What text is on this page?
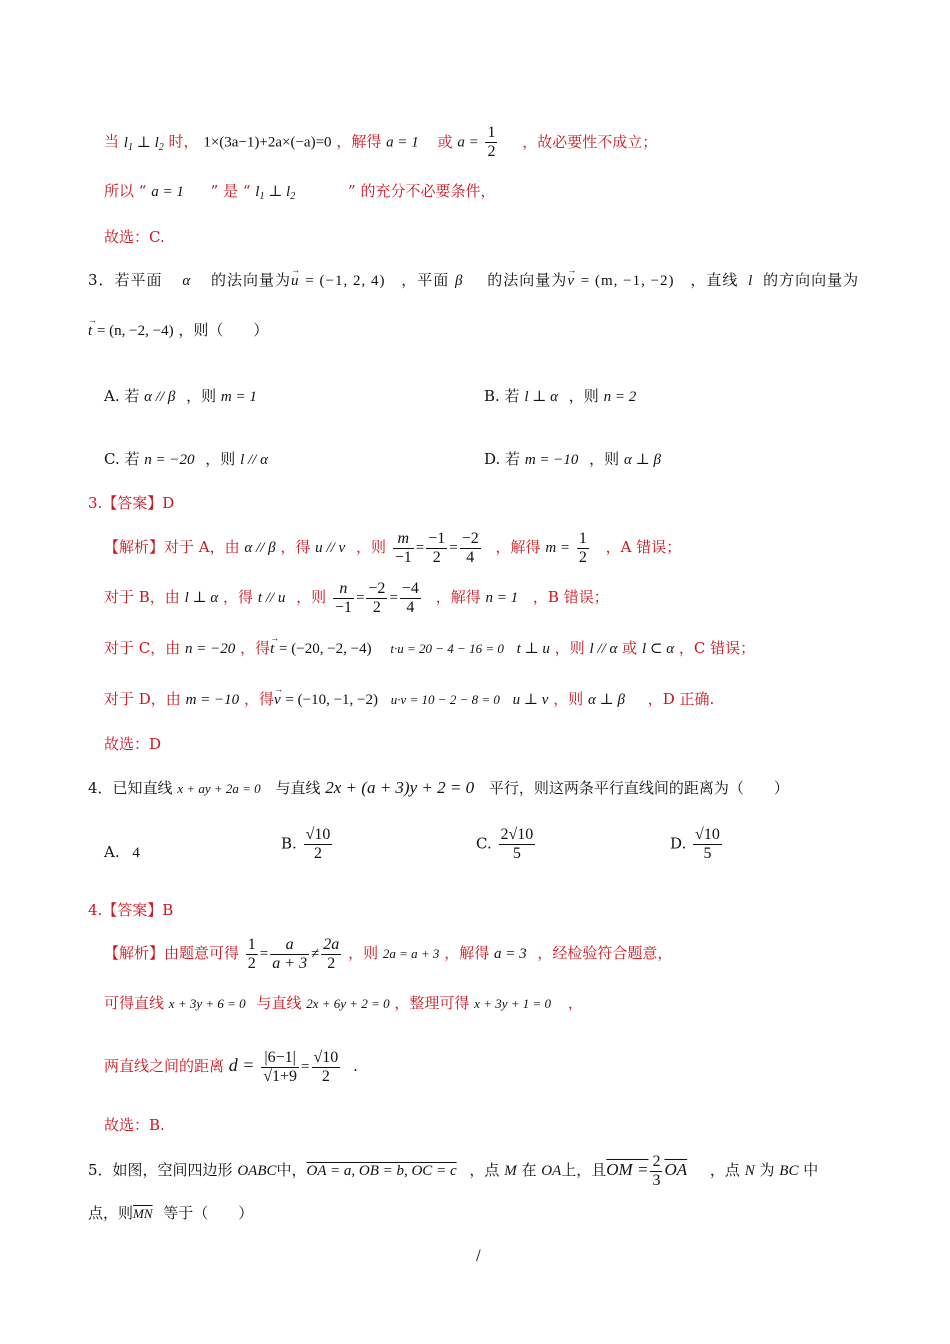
当 $l_1$ ⊥ $l_2$ 时， 1×(3a−1)+2a×(−a)=0 ，解得 a = 1 或 $a = \frac{1}{2}$ ，故必要性不成立；
所以 “ a = 1 ” 是 “ $l_1$ ⊥ $l_2$	” 的充分不必要条件，
故选：C.
3．若平面 α 的法向量为→ u = (−1, 2, 4) ，平面 β 的法向量为→ v = (m, −1, −2) ，直线 l 的方向向量为
→ t = (n, −2, −4) ，则（　　）
A. 若 α // β ，则 m = 1	B. 若 l ⊥ α ，则 n = 2
C. 若 n = −20 ，则 l // α	D. 若 m = −10 ，则 α ⊥ β
3.【答案】D
【解析】对于 A，由 α // β ，得 u // v ，则 $\frac{m}{-1} = \frac{-1}{2} = \frac{-2}{4}$ ，解得 $m = \frac{1}{2}$ ，A 错误；
对于 B，由 l ⊥ α ，得 t // u ，则 $\frac{n}{-1} = \frac{-2}{2} = \frac{-4}{4}$ ，解得 n = 1 ，B 错误；
对于 C，由 n = −20 ，得→ t = (−20, −2, −4) t·u = 20 − 4 − 16 = 0 t ⊥ u ，则 l // α 或 l ⊂ α ，C 错误；
对于 D，由 m = −10 ，得→ v = (−10, −1, −2) u·v = 10 − 2 − 8 = 0 u ⊥ v ，则 α ⊥ β ，D 正确.
故选：D
4．已知直线 x + ay + 2a = 0 与直线 2x + (a + 3)y + 2 = 0 平行，则这两条平行直线间的距离为（　　）
A. 4
B. $\frac{√10}{2}$	C. $\frac{2√10}{5}$	D. $\frac{√10}{5}$
4.【答案】B
【解析】由题意可得 $\frac{1}{2} = \frac{a}{a + 3} \ne \frac{2a}{2}$ ，则 2a = a + 3 ，解得 a = 3 ，经检验符合题意，
可得直线 x + 3y + 6 = 0 与直线 2x + 6y + 2 = 0 ，整理可得 x + 3y + 1 = 0 ，
两直线之间的距离 $d = \frac{|6-1|}{√1+9} = \frac{√10}{2}$ .
故选：B.
5．如图，空间四边形 OABC中，OA = a, OB = b, OC = c ，点 M 在 OA上，且OM = $\frac{2}{3} \overline{OA}$ ，点 N 为 BC 中
点，则$\overline{MN}$ 等于（　　）
/
